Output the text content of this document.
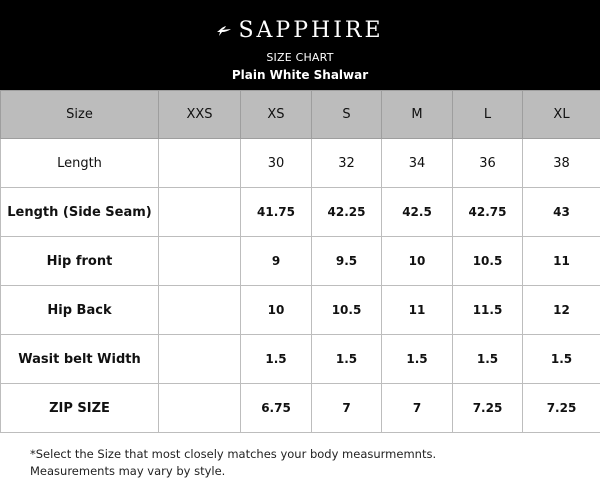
SAPPHIRE
SIZE CHART
Plain White Shalwar
Size	XXS	XS	S	M	L	XL
Length		30	32	34	36	38
Length (Side Seam)		41.75	42.25	42.5	42.75	43
Hip front		9	9.5	10	10.5	11
Hip Back		10	10.5	11	11.5	12
Wasit belt Width		1.5	1.5	1.5	1.5	1.5
ZIP SIZE		6.75	7	7	7.25	7.25
*Select the Size that most closely matches your body measurmemnts.
Measurements may vary by style.
